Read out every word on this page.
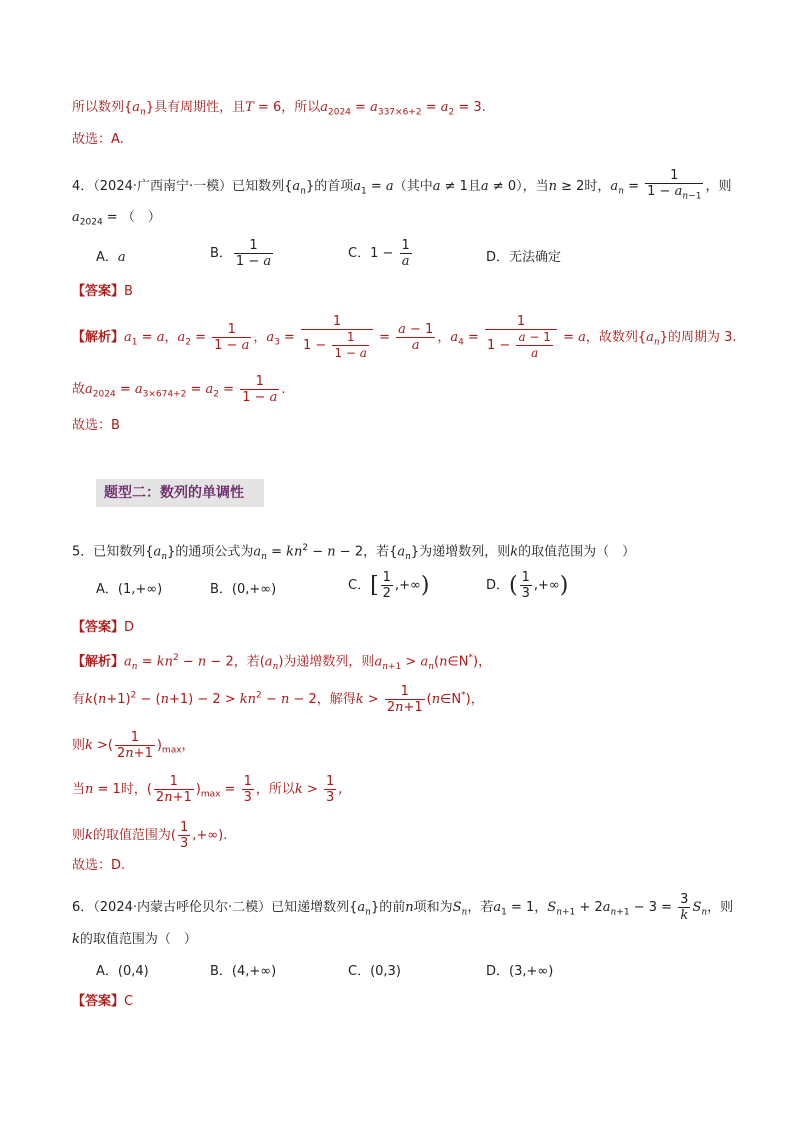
所以数列$\{a_n\}$具有周期性，且T = 6，所以$a_{2024} = a_{337\times 6+2} = a_2 = 3$.
故选：A.
4．（2024·广西南宁·一模）已知数列$\{a_n\}$的首项$a_1 = a$（其中a ≠ 1且a ≠ 0），当n ≥ 2时，$a_n = \frac{1}{1 - a_{n-1}}$ ，则
$a_{2024}$ = （　）
A．a	B． $\frac{1}{1 - a}$	C．$1 - \frac{1}{a}$	D．无法确定
【答案】B
【解析】$a_1 = a$，$a_2 = \frac{1}{1 - a}$ ，$a_3 = \frac{1}{1 - \frac{1}{1 - a}} = \frac{a - 1}{a}$ ，$a_4 = \frac{1}{1 - \frac{a - 1}{a}} = a$，故数列$\{a_n\}$的周期为 3.
故$a_{2024} = a_{3\times 674+2} = a_2 = \frac{1}{1 - a}$ .
故选：B
题型二：数列的单调性
5．已知数列$\{a_n\}$的通项公式为$a_n = kn^2 - n - 2$，若$\{a_n\}$为递增数列，则k的取值范围为（　）
A．(1,+∞)	B．(0,+∞)	C．[ $\frac{1}{2}$ ,+∞)	D．( $\frac{1}{3}$ ,+∞)
【答案】D
【解析】$a_n = kn^2 - n - 2$，若$(a_n)$为递增数列，则$a_{n+1}$ > $a_n(n\in N^*)$，
有$k(n+1)^2 - (n+1) - 2 > kn^2 - n - 2$，解得$k > \frac{1}{2n+1}$ (n∈N*)，
则k >( $\frac{1}{2n+1} )_{max}$，
当n = 1时，( $\frac{1}{2n+1} )_{max} = \frac{1}{3}$ ，所以$k > \frac{1}{3}$ ,
则k的取值范围为( $\frac{1}{3}$ ,+∞).
故选：D.
6．（2024·内蒙古呼伦贝尔·二模）已知递增数列$\{a_n\}$的前n项和为$S_n$，若$a_1 = 1$，$S_{n+1} + 2a_{n+1} - 3 = \frac{3}{k} S_n$，则
k的取值范围为（　）
A．(0,4)	B．(4,+∞)	C．(0,3)	D．(3,+∞)
【答案】C
